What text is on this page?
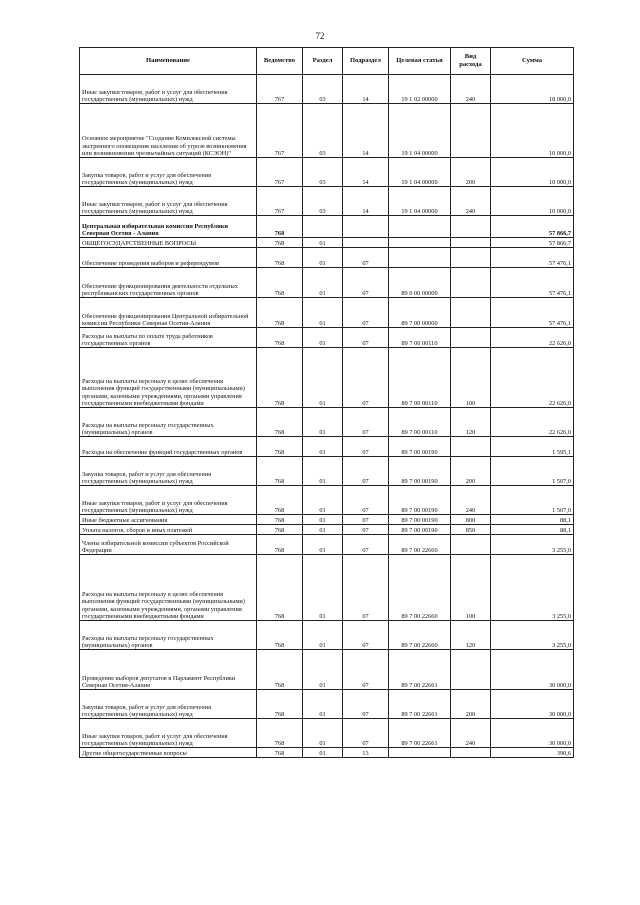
72
Наименование	Ведомство	Раздел	Подраздел	Целевая статья	Вид расхода	Сумма
Иные закупки товаров, работ и услуг для обеспечения государственных (муниципальных) нужд	767	03	14	19 1 02 00000	240	18 000,0
Основное мероприятие "Создание Комплексной системы экстренного оповещения населения об угрозе возникновения или возникновении чрезвычайных ситуаций (КСЭОН)"	767	03	14	19 1 04 00000		10 000,0
Закупка товаров, работ и услуг для обеспечения государственных (муниципальных) нужд	767	03	14	19 1 04 00000	200	10 000,0
Иные закупки товаров, работ и услуг для обеспечения государственных (муниципальных) нужд	767	03	14	19 1 04 00000	240	10 000,0
Центральная избирательная комиссия Республики Северная Осетия - Алания	768					57 866,7
ОБЩЕГОСУДАРСТВЕННЫЕ ВОПРОСЫ	768	01				57 866,7
Обеспечение проведения выборов и референдумов	768	01	07			57 476,1
Обеспечение функционирования деятельности отдельных республиканских государственных органов	768	01	07	89 0 00 00000		57 476,1
Обеспечение функционирования Центральной избирательной комиссии Республики Северная Осетия-Алания	768	01	07	89 7 00 00000		57 476,1
Расходы на выплаты по оплате труда работников государственных органов	768	01	07	89 7 00 00110		22 626,0
Расходы на выплаты персоналу в целях обеспечения выполнения функций государственными (муниципальными) органами, казенными учреждениями, органами управления государственными внебюджетными фондами	768	01	07	89 7 00 00110	100	22 626,0
Расходы на выплаты персоналу государственных (муниципальных) органов	768	01	07	89 7 00 00110	120	22 626,0
Расходы на обеспечение функций государственных органов	768	01	07	89 7 00 00190		1 595,1
Закупка товаров, работ и услуг для обеспечения государственных (муниципальных) нужд	768	01	07	89 7 00 00190	200	1 507,0
Иные закупки товаров, работ и услуг для обеспечения государственных (муниципальных) нужд	768	01	07	89 7 00 00190	240	1 507,0
Иные бюджетные ассигнования	768	01	07	89 7 00 00190	800	88,1
Уплата налогов, сборов и иных платежей	768	01	07	89 7 00 00190	850	88,1
Члены избирательной комиссии субъектов Российской Федерации	768	01	07	89 7 00 22660		3 255,0
Расходы на выплаты персоналу в целях обеспечения выполнения функций государственными (муниципальными) органами, казенными учреждениями, органами управления государственными внебюджетными фондами	768	01	07	89 7 00 22660	100	3 255,0
Расходы на выплаты персоналу государственных (муниципальных) органов	768	01	07	89 7 00 22660	120	3 255,0
Проведение выборов депутатов в Парламент Республики Северная Осетия-Алания	768	01	07	89 7 00 22661		30 000,0
Закупка товаров, работ и услуг для обеспечения государственных (муниципальных) нужд	768	01	07	89 7 00 22661	200	30 000,0
Иные закупки товаров, работ и услуг для обеспечения государственных (муниципальных) нужд	768	01	07	89 7 00 22661	240	30 000,0
Другие общегосударственные вопросы	768	01	13			390,6
